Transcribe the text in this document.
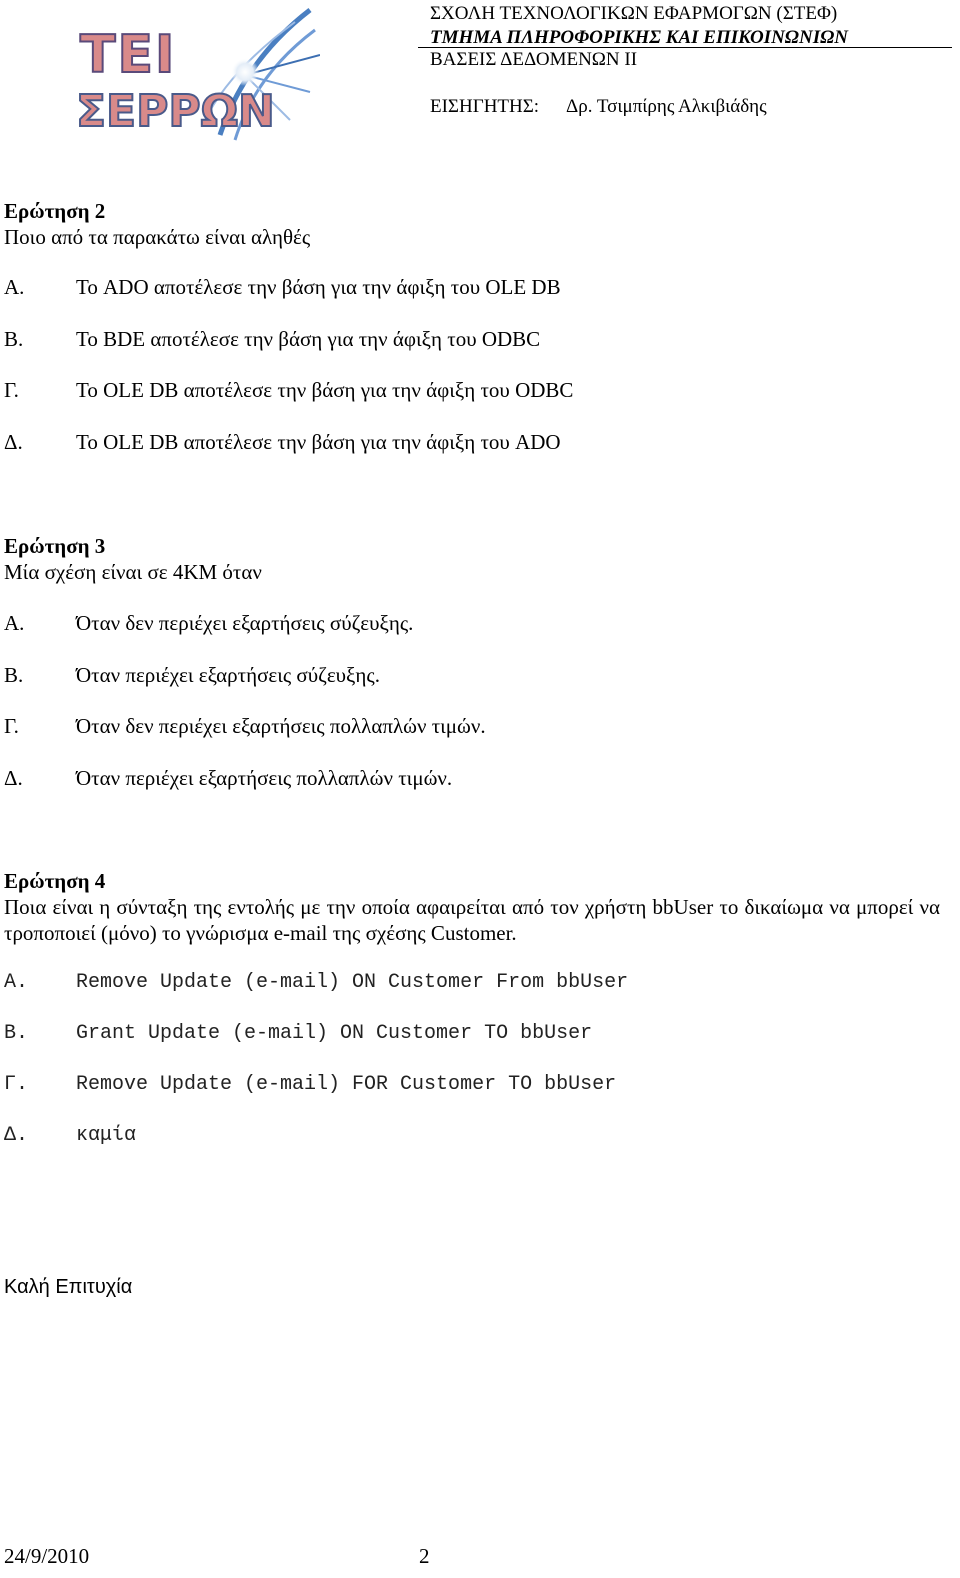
ΤΕΙ
ΣΕΡΡΩΝ
ΣΧΟΛΗ ΤΕΧΝΟΛΟΓΙΚΩΝ ΕΦΑΡΜΟΓΩΝ (ΣΤΕΦ)
ΤΜΗΜΑ ΠΛΗΡΟΦΟΡΙΚΗΣ ΚΑΙ ΕΠΙΚΟΙΝΩΝΙΩΝ
ΒΑΣΕΙΣ ΔΕΔΟΜΕΝΩΝ ΙΙ
ΕΙΣΗΓΗΤΗΣ: Δρ. Τσιμπίρης Αλκιβιάδης
Ερώτηση 2
Ποιο από τα παρακάτω είναι αληθές
Α. Το ADO αποτέλεσε την βάση για την άφιξη του OLE DB
Β.	Το BDE αποτέλεσε την βάση για την άφιξη του ODBC
Γ.	Το OLE DB αποτέλεσε την βάση για την άφιξη του ODBC
Δ.	Το OLE DB αποτέλεσε την βάση για την άφιξη του ADO
Ερώτηση 3
Μία σχέση είναι σε 4ΚΜ όταν
Α. Όταν δεν περιέχει εξαρτήσεις σύζευξης.
Β.	Όταν περιέχει εξαρτήσεις σύζευξης.
Γ.	Όταν δεν περιέχει εξαρτήσεις πολλαπλών τιμών.
Δ.	Όταν περιέχει εξαρτήσεις πολλαπλών τιμών.
Ερώτηση 4
Ποια είναι η σύνταξη της εντολής με την οποία αφαιρείται από τον χρήστη bbUser το δικαίωμα να μπορεί να τροποποιεί (μόνο) το γνώρισμα e-mail της σχέσης Customer.
Α. Remove Update (e-mail) ON Customer From bbUser
Β. Grant Update (e-mail) ON Customer TO bbUser
Γ. Remove Update (e-mail) FOR Customer TO bbUser
Δ. καμία
Καλή Επιτυχία
24/9/2010	2
